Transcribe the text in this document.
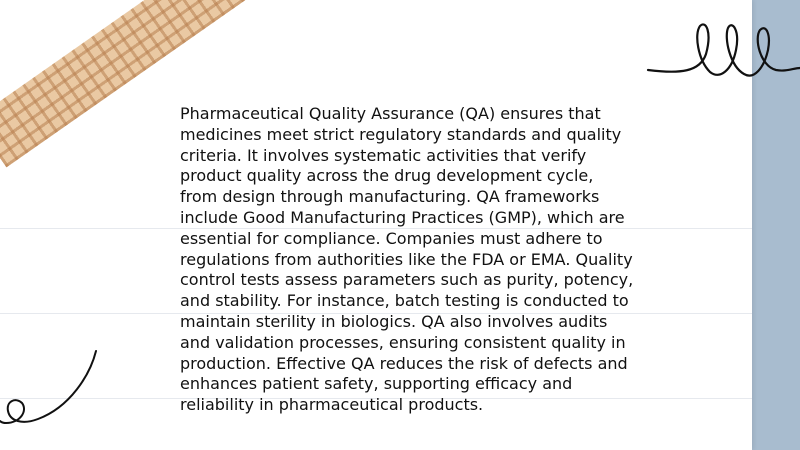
Pharmaceutical Quality Assurance (QA) ensures that medicines meet strict regulatory standards and quality criteria. It involves systematic activities that verify product quality across the drug development cycle, from design through manufacturing. QA frameworks include Good Manufacturing Practices (GMP), which are essential for compliance. Companies must adhere to regulations from authorities like the FDA or EMA. Quality control tests assess parameters such as purity, potency, and stability. For instance, batch testing is conducted to maintain sterility in biologics. QA also involves audits and validation processes, ensuring consistent quality in production. Effective QA reduces the risk of defects and enhances patient safety, supporting efficacy and reliability in pharmaceutical products.
